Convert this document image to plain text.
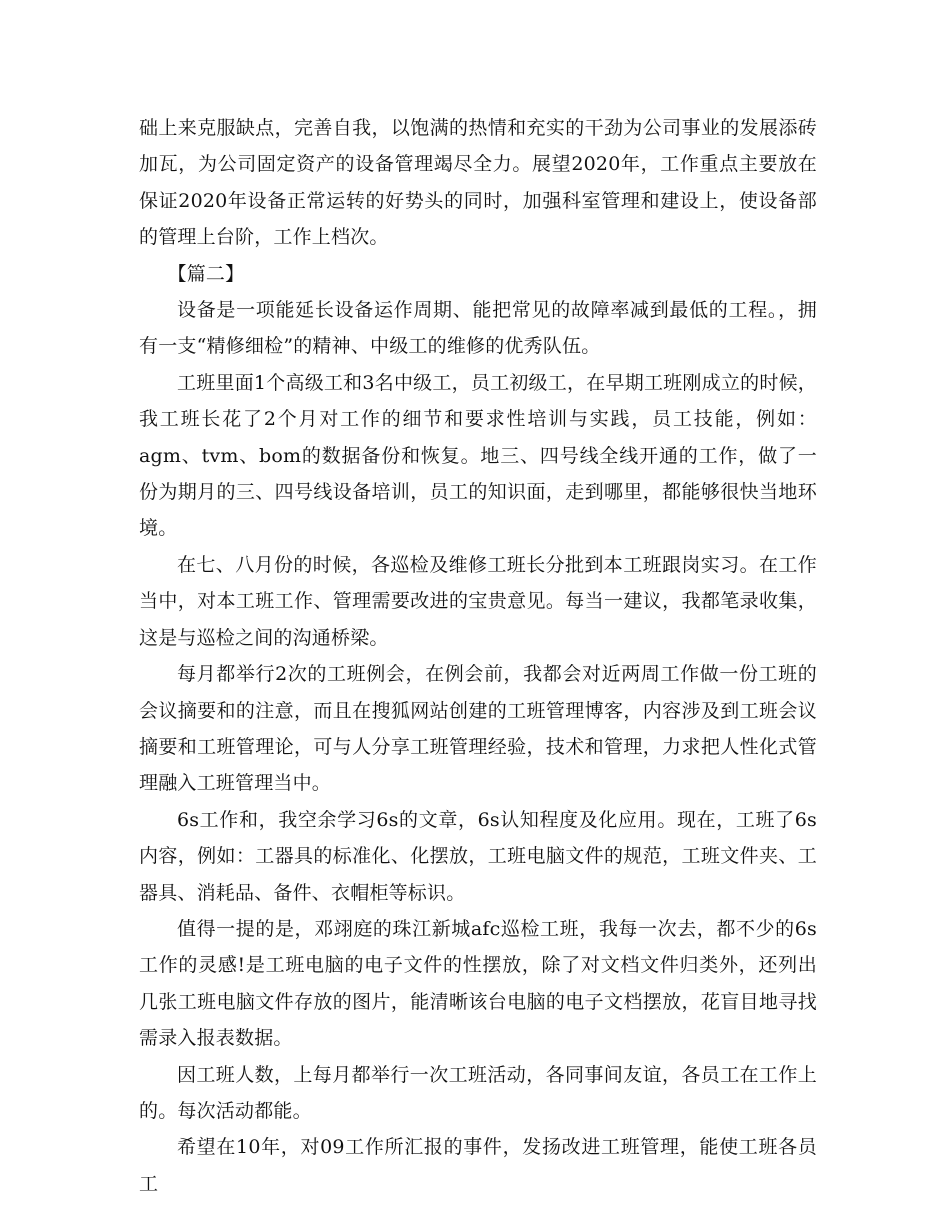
础上来克服缺点，完善自我，以饱满的热情和充实的干劲为公司事业的发展添砖加瓦，为公司固定资产的设备管理竭尽全力。展望2020年，工作重点主要放在保证2020年设备正常运转的好势头的同时，加强科室管理和建设上，使设备部的管理上台阶，工作上档次。

【篇二】

设备是一项能延长设备运作周期、能把常见的故障率减到最低的工程。，拥有一支“精修细检”的精神、中级工的维修的优秀队伍。

工班里面1个高级工和3名中级工，员工初级工，在早期工班刚成立的时候，我工班长花了2个月对工作的细节和要求性培训与实践，员工技能，例如：agm、tvm、bom的数据备份和恢复。地三、四号线全线开通的工作，做了一份为期月的三、四号线设备培训，员工的知识面，走到哪里，都能够很快当地环境。

在七、八月份的时候，各巡检及维修工班长分批到本工班跟岗实习。在工作当中，对本工班工作、管理需要改进的宝贵意见。每当一建议，我都笔录收集，这是与巡检之间的沟通桥梁。

每月都举行2次的工班例会，在例会前，我都会对近两周工作做一份工班的会议摘要和的注意，而且在搜狐网站创建的工班管理博客，内容涉及到工班会议摘要和工班管理论，可与人分享工班管理经验，技术和管理，力求把人性化式管理融入工班管理当中。

6s工作和，我空余学习6s的文章，6s认知程度及化应用。现在，工班了6s内容，例如：工器具的标准化、化摆放，工班电脑文件的规范，工班文件夹、工器具、消耗品、备件、衣帽柜等标识。

值得一提的是，邓翊庭的珠江新城afc巡检工班，我每一次去，都不少的6s工作的灵感!是工班电脑的电子文件的性摆放，除了对文档文件归类外，还列出几张工班电脑文件存放的图片，能清晰该台电脑的电子文档摆放，花盲目地寻找需录入报表数据。

因工班人数，上每月都举行一次工班活动，各同事间友谊，各员工在工作上的。每次活动都能。

希望在10年，对09工作所汇报的事件，发扬改进工班管理，能使工班各员工
